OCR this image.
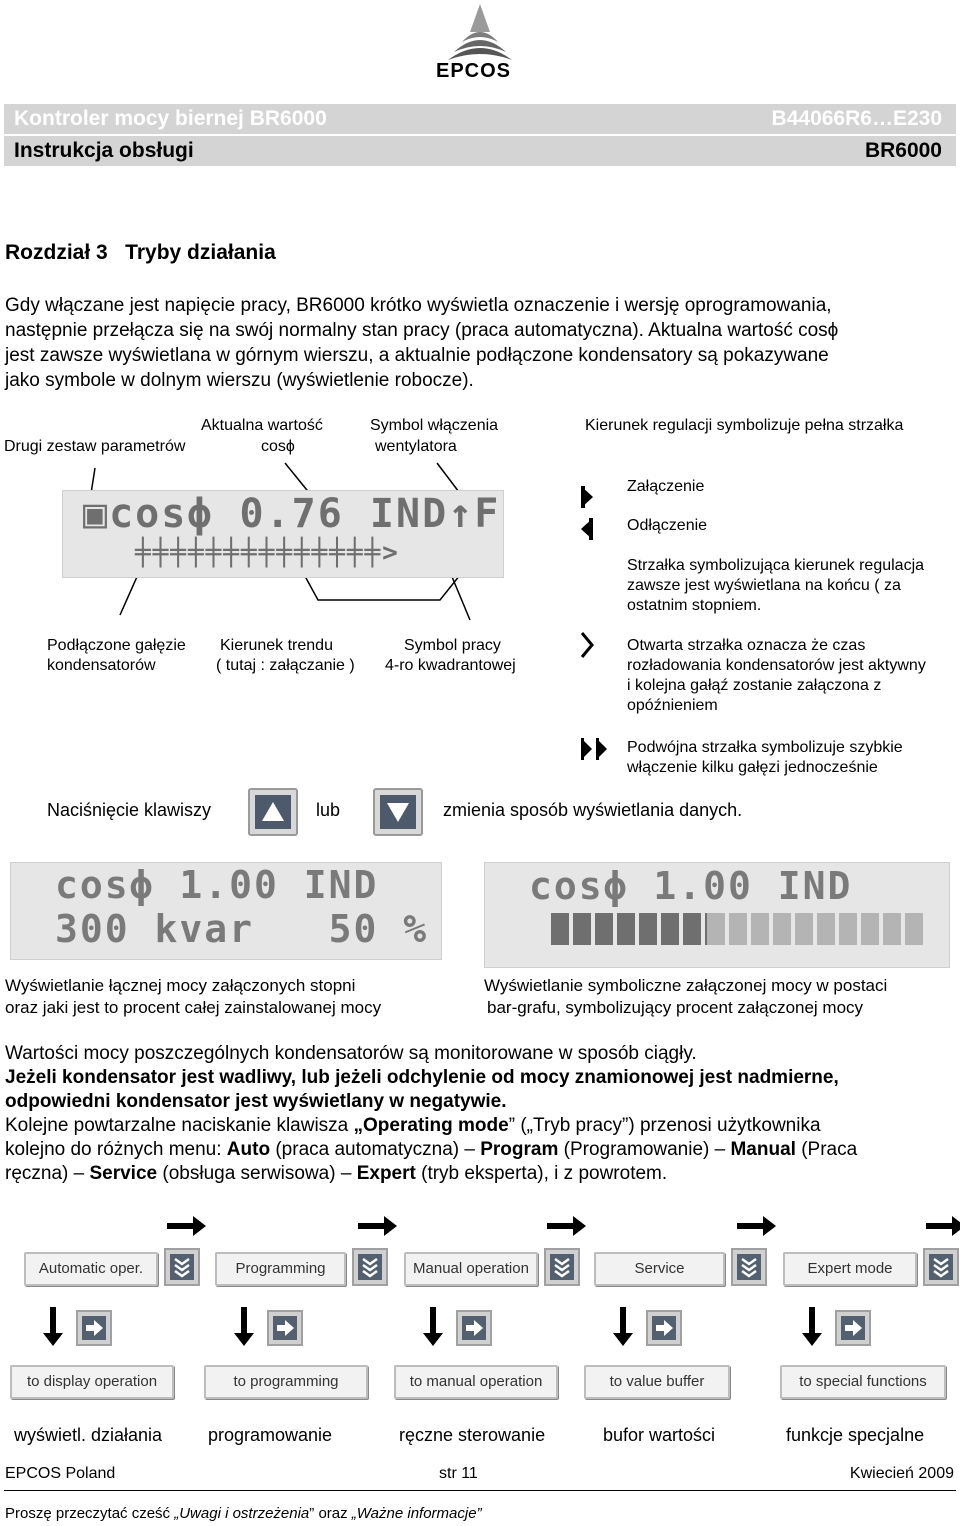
EPCOS
Kontroler mocy biernej BR6000	B44066R6…E230
Instrukcja obsługi	BR6000
Rozdział 3   Tryby działania
Gdy włączane jest napięcie pracy, BR6000 krótko wyświetla oznaczenie i wersję oprogramowania,
następnie przełącza się na swój normalny stan pracy (praca automatyczna). Aktualna wartość cosϕ
jest zawsze wyświetlana w górnym wierszu, a aktualnie podłączone kondensatory są pokazywane
jako symbole w dolnym wierszu (wyświetlenie robocze).
Aktualna wartość
cosϕ
Symbol włączenia
wentylatora
Drugi zestaw parametrów
Kierunek regulacji symbolizuje pełna strzałka
▣cosϕ 0.76 IND↑F
╪╪╪╪╪╪╪╪╪╪╪╪╪╪>
Podłączone gałęzie
kondensatorów
Kierunek trendu
( tutaj : załączanie )
Symbol pracy
4-ro kwadrantowej
Załączenie
Odłączenie
Strzałka symbolizująca kierunek regulacja
zawsze jest wyświetlana na końcu ( za
ostatnim stopniem.
Otwarta strzałka oznacza że czas
rozładowania kondensatorów jest aktywny
i kolejna gałąź zostanie załączona z
opóźnieniem
Podwójna strzałka symbolizuje szybkie
włączenie kilku gałęzi jednocześnie
Naciśnięcie klawiszy	lub	zmienia sposób wyświetlania danych.
cosϕ 1.00 IND
300 kvar   50 %
cosϕ 1.00 IND
Wyświetlanie łącznej mocy załączonych stopni
oraz jaki jest to procent całej zainstalowanej mocy
Wyświetlanie symboliczne załączonej mocy w postaci
bar-grafu, symbolizujący procent załączonej mocy
Wartości mocy poszczególnych kondensatorów są monitorowane w sposób ciągły.
Jeżeli kondensator jest wadliwy, lub jeżeli odchylenie od mocy znamionowej jest nadmierne,
odpowiedni kondensator jest wyświetlany w negatywie.
Kolejne powtarzalne naciskanie klawisza „Operating mode” („Tryb pracy”) przenosi użytkownika
kolejno do różnych menu: Auto (praca automatyczna) – Program (Programowanie) – Manual (Praca
ręczna) – Service (obsługa serwisowa) – Expert (tryb eksperta), i z powrotem.
EPCOS Poland	str 11	Kwiecień 2009
Proszę przeczytać cześć „Uwagi i ostrzeżenia” oraz „Ważne informacje”
Automatic oper.
to display operation
wyświetl. działania
Programming
to programming
programowanie
Manual operation
to manual operation
ręczne sterowanie
Service
to value buffer
bufor wartości
Expert mode
to special functions
funkcje specjalne
